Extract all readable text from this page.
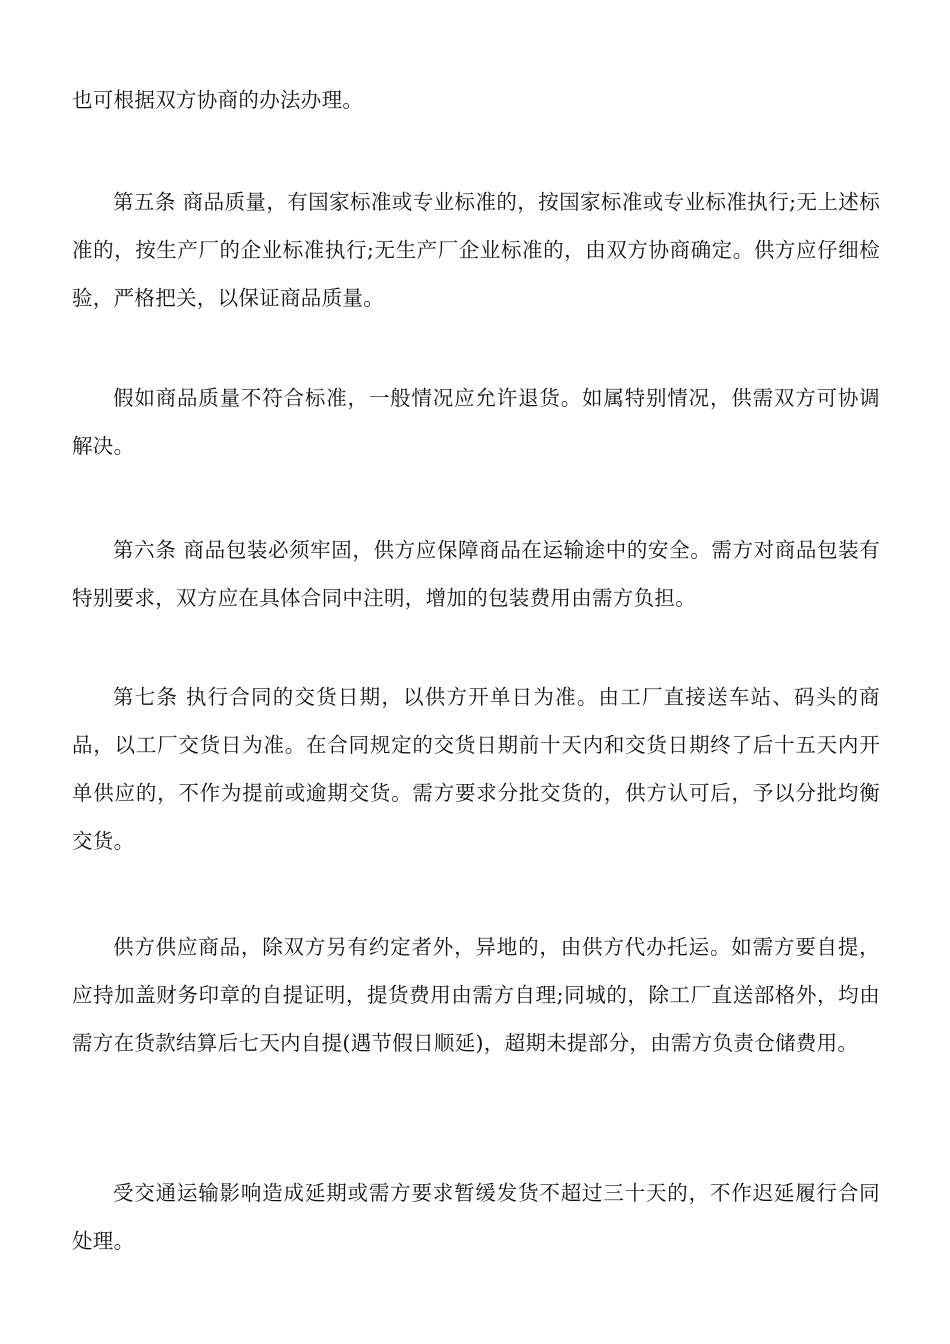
也可根据双方协商的办法办理。

第五条 商品质量，有国家标准或专业标准的，按国家标准或专业标准执行;无上述标准的，按生产厂的企业标准执行;无生产厂企业标准的，由双方协商确定。供方应仔细检验，严格把关，以保证商品质量。

假如商品质量不符合标准，一般情况应允许退货。如属特别情况，供需双方可协调解决。

第六条 商品包装必须牢固，供方应保障商品在运输途中的安全。需方对商品包装有特别要求，双方应在具体合同中注明，增加的包装费用由需方负担。

第七条 执行合同的交货日期，以供方开单日为准。由工厂直接送车站、码头的商品，以工厂交货日为准。在合同规定的交货日期前十天内和交货日期终了后十五天内开单供应的，不作为提前或逾期交货。需方要求分批交货的，供方认可后，予以分批均衡交货。

供方供应商品，除双方另有约定者外，异地的，由供方代办托运。如需方要自提，应持加盖财务印章的自提证明，提货费用由需方自理;同城的，除工厂直送部格外，均由需方在货款结算后七天内自提(遇节假日顺延)，超期未提部分，由需方负责仓储费用。

受交通运输影响造成延期或需方要求暂缓发货不超过三十天的，不作迟延履行合同处理。
